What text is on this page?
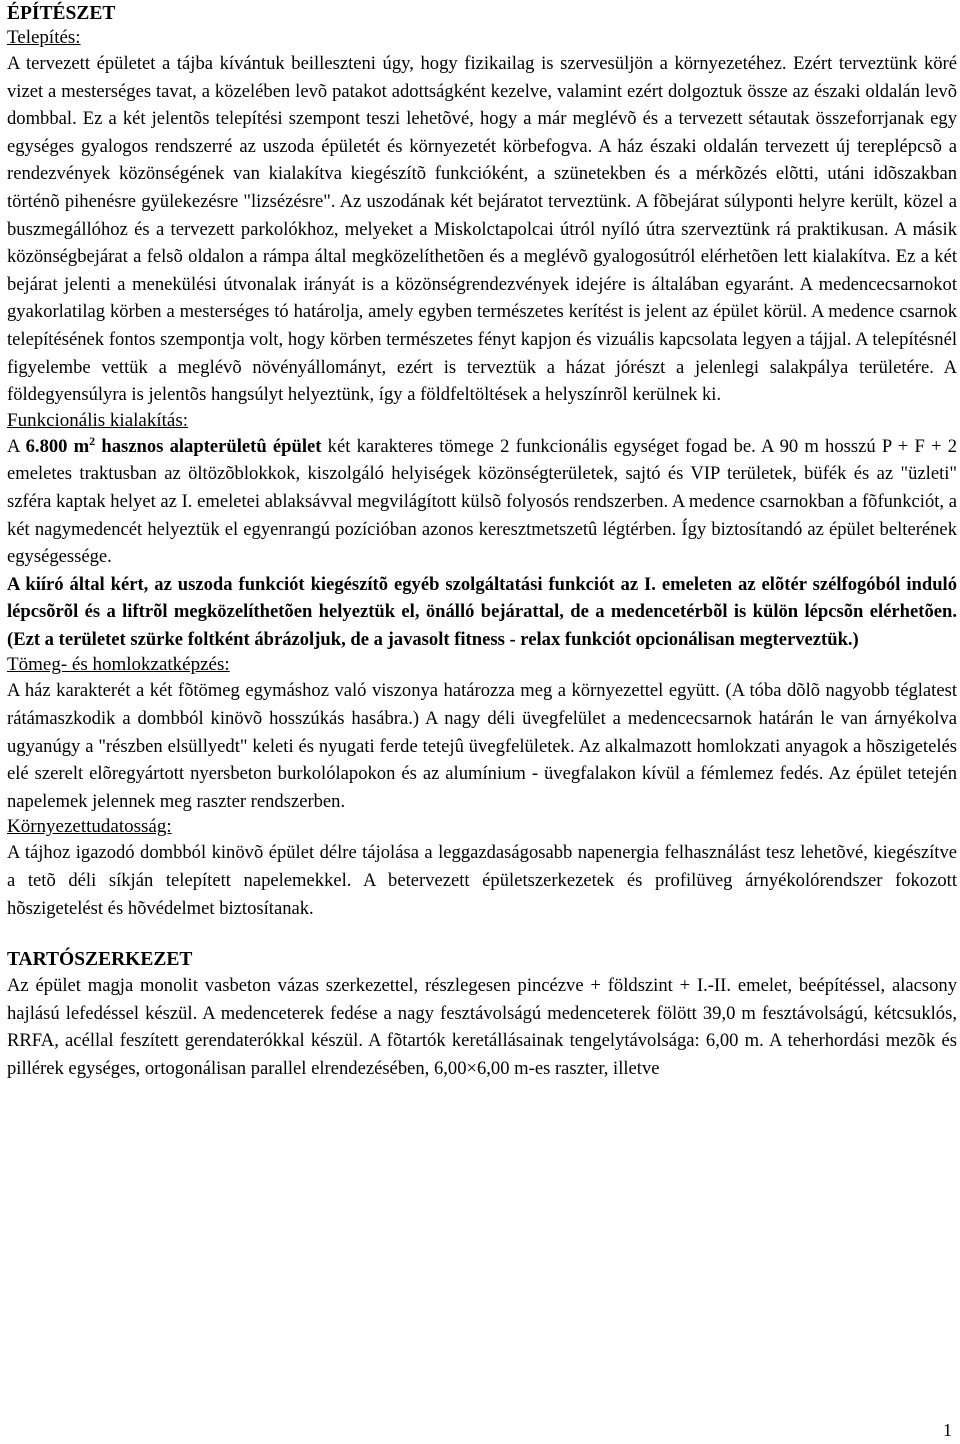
ÉPÍTÉSZET

Telepítés:

A tervezett épületet a tájba kívántuk beilleszteni úgy, hogy fizikailag is szervesüljön a környezetéhez. Ezért terveztünk köré vizet a mesterséges tavat, a közelében levõ patakot adottságként kezelve, valamint ezért dolgoztuk össze az északi oldalán levõ dombbal. Ez a két jelentõs telepítési szempont teszi lehetõvé, hogy a már meglévõ és a tervezett sétautak összeforrjanak egy egységes gyalogos rendszerré az uszoda épületét és környezetét körbefogva. A ház északi oldalán tervezett új tereplépcsõ a rendezvények közönségének van kialakítva kiegészítõ funkcióként, a szünetekben és a mérkõzés elõtti, utáni idõszakban történõ pihenésre gyülekezésre "lizsézésre". Az uszodának két bejáratot terveztünk. A fõbejárat súlyponti helyre került, közel a buszmegállóhoz és a tervezett parkolókhoz, melyeket a Miskolctapolcai útról nyíló útra szerveztünk rá praktikusan. A másik közönségbejárat a felsõ oldalon a rámpa által megközelíthetõen és a meglévõ gyalogosútról elérhetõen lett kialakítva. Ez a két bejárat jelenti a menekülési útvonalak irányát is a közönségrendezvények idejére is általában egyaránt. A medencecsarnokot gyakorlatilag körben a mesterséges tó határolja, amely egyben természetes kerítést is jelent az épület körül. A medence csarnok telepítésének fontos szempontja volt, hogy körben természetes fényt kapjon és vizuális kapcsolata legyen a tájjal. A telepítésnél figyelembe vettük a meglévõ növényállományt, ezért is terveztük a házat jórészt a jelenlegi salakpálya területére. A földegyensúlyra is jelentõs hangsúlyt helyeztünk, így a földfeltöltések a helyszínrõl kerülnek ki.

Funkcionális kialakítás:

A 6.800 $m^2$ hasznos alapterületû épület két karakteres tömege 2 funkcionális egységet fogad be. A 90 m hosszú P + F + 2 emeletes traktusban az öltözõblokkok, kiszolgáló helyiségek közönségterületek, sajtó és VIP területek, büfék és az "üzleti" szféra kaptak helyet az I. emeletei ablaksávval megvilágított külsõ folyosós rendszerben. A medence csarnokban a fõfunkciót, a két nagymedencét helyeztük el egyenrangú pozícióban azonos keresztmetszetû légtérben. Így biztosítandó az épület belterének egységessége.

A kiíró által kért, az uszoda funkciót kiegészítõ egyéb szolgáltatási funkciót az I. emeleten az elõtér szélfogóból induló lépcsõrõl és a liftrõl megközelíthetõen helyeztük el, önálló bejárattal, de a medencetérbõl is külön lépcsõn elérhetõen. (Ezt a területet szürke foltként ábrázoljuk, de a javasolt fitness - relax funkciót opcionálisan megterveztük.)

Tömeg- és homlokzatképzés:

A ház karakterét a két fõtömeg egymáshoz való viszonya határozza meg a környezettel együtt. (A tóba dõlõ nagyobb téglatest rátámaszkodik a dombból kinövõ hosszúkás hasábra.) A nagy déli üvegfelület a medencecsarnok határán le van árnyékolva ugyanúgy a "részben elsüllyedt" keleti és nyugati ferde tetejû üvegfelületek. Az alkalmazott homlokzati anyagok a hõszigetelés elé szerelt elõregyártott nyersbeton burkolólapokon és az alumínium - üvegfalakon kívül a fémlemez fedés. Az épület tetején napelemek jelennek meg raszter rendszerben.

Környezettudatosság:

A tájhoz igazodó dombból kinövõ épület délre tájolása a leggazdaságosabb napenergia felhasználást tesz lehetõvé, kiegészítve a tetõ déli síkján telepített napelemekkel. A betervezett épületszerkezetek és profilüveg árnyékolórendszer fokozott hõszigetelést és hõvédelmet biztosítanak.

TARTÓSZERKEZET

Az épület magja monolit vasbeton vázas szerkezettel, részlegesen pincézve + földszint + I.-II. emelet, beépítéssel, alacsony hajlású lefedéssel készül. A medenceterek fedése a nagy fesztávolságú medenceterek fölött 39,0 m fesztávolságú, kétcsuklós, RRFA, acéllal feszített gerendaterókkal készül. A fõtartók keretállásainak tengelytávolsága: 6,00 m. A teherhordási mezõk és pillérek egységes, ortogonálisan parallel elrendezésében, 6,00×6,00 m-es raszter, illetve

1
